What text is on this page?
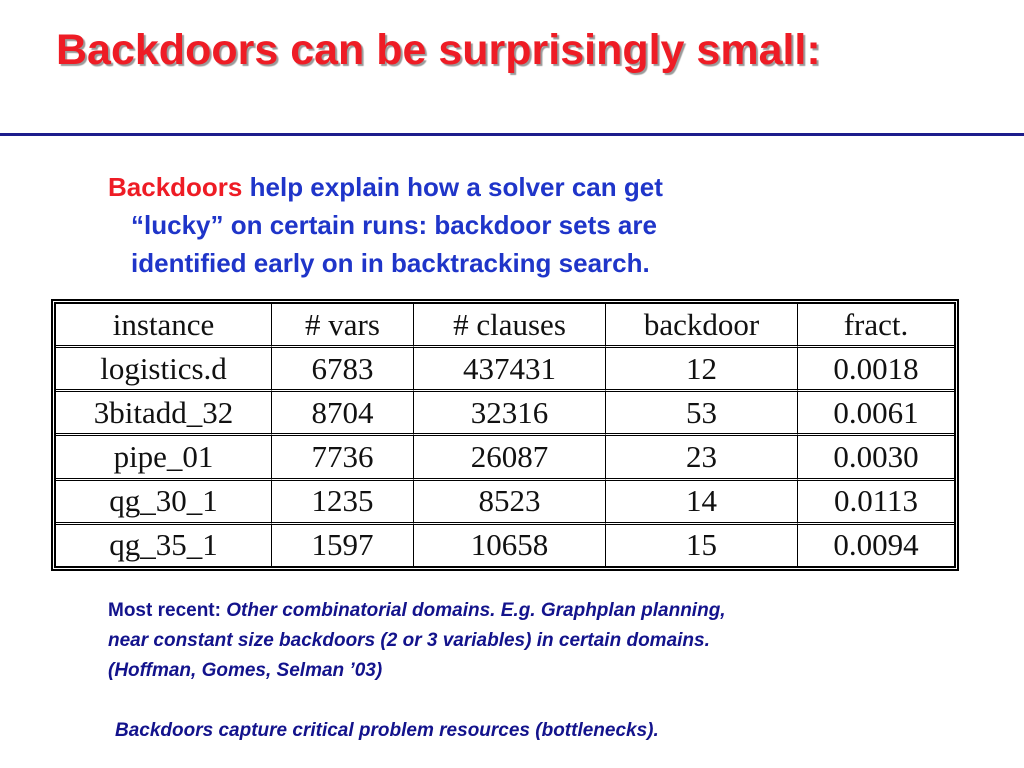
Backdoors can be surprisingly small:
Backdoors help explain how a solver can get
“lucky” on certain runs: backdoor sets are
identified early on in backtracking search.
instance	# vars	# clauses	backdoor	fract.
logistics.d	6783	437431	12	0.0018
3bitadd_32	8704	32316	53	0.0061
pipe_01	7736	26087	23	0.0030
qg_30_1	1235	8523	14	0.0113
qg_35_1	1597	10658	15	0.0094
Most recent: Other combinatorial domains. E.g. Graphplan planning,
near constant size backdoors (2 or 3 variables) in certain domains.
(Hoffman, Gomes, Selman ’03)
Backdoors capture critical problem resources (bottlenecks).
